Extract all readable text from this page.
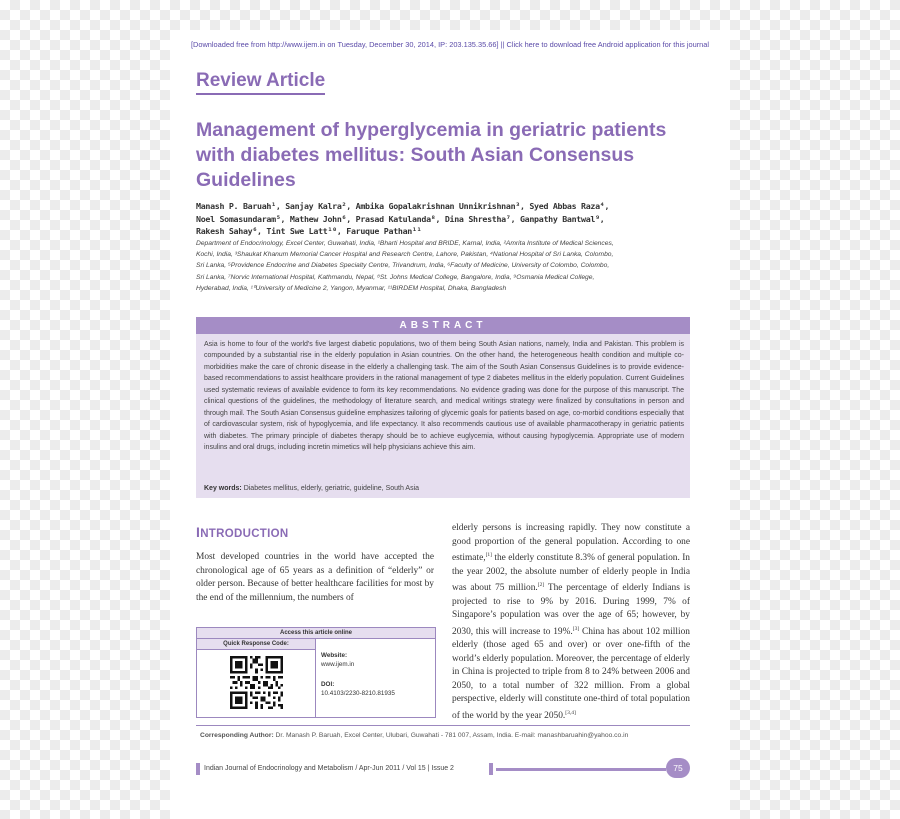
[Downloaded free from http://www.ijem.in on Tuesday, December 30, 2014, IP: 203.135.35.66] || Click here to download free Android application for this journal
Review Article
Management of hyperglycemia in geriatric patients with diabetes mellitus: South Asian Consensus Guidelines
Manash P. Baruah¹, Sanjay Kalra², Ambika Gopalakrishnan Unnikrishnan³, Syed Abbas Raza⁴,
Noel Somasundaram⁵, Mathew John⁶, Prasad Katulanda⁸, Dina Shrestha⁷, Ganpathy Bantwal⁹,
Rakesh Sahay⁶, Tint Swe Latt¹⁰, Faruque Pathan¹¹
Department of Endocrinology, Excel Center, Guwahati, India, ¹Bharti Hospital and BRIDE, Karnal, India, ²Amrita Institute of Medical Sciences,
Kochi, India, ³Shaukat Khanum Memorial Cancer Hospital and Research Centre, Lahore, Pakistan, ⁴National Hospital of Sri Lanka, Colombo,
Sri Lanka, ⁵Providence Endocrine and Diabetes Specialty Centre, Trivandrum, India, ⁶Faculty of Medicine, University of Colombo, Colombo,
Sri Lanka, ⁷Norvic International Hospital, Kathmandu, Nepal, ⁸St. Johns Medical College, Bangalore, India, ⁹Osmania Medical College,
Hyderabad, India, ¹⁰University of Medicine 2, Yangon, Myanmar, ¹¹BIRDEM Hospital, Dhaka, Bangladesh
ABSTRACT
Asia is home to four of the world's five largest diabetic populations, two of them being South Asian nations, namely, India and Pakistan. This problem is compounded by a substantial rise in the elderly population in Asian countries. On the other hand, the heterogeneous health condition and multiple co-morbidities make the care of chronic disease in the elderly a challenging task. The aim of the South Asian Consensus Guidelines is to provide evidence-based recommendations to assist healthcare providers in the rational management of type 2 diabetes mellitus in the elderly population. Current Guidelines used systematic reviews of available evidence to form its key recommendations. No evidence grading was done for the purpose of this manuscript. The clinical questions of the guidelines, the methodology of literature search, and medical writings strategy were finalized by consultations in person and through mail. The South Asian Consensus guideline emphasizes tailoring of glycemic goals for patients based on age, co-morbid conditions especially that of cardiovascular system, risk of hypoglycemia, and life expectancy. It also recommends cautious use of available pharmacotherapy in geriatric patients with diabetes. The primary principle of diabetes therapy should be to achieve euglycemia, without causing hypoglycemia. Appropriate use of modern insulins and oral drugs, including incretin mimetics will help physicians achieve this aim.
Key words: Diabetes mellitus, elderly, geriatric, guideline, South Asia
INTRODUCTION
Most developed countries in the world have accepted the chronological age of 65 years as a definition of “elderly” or older person. Because of better healthcare facilities for most by the end of the millennium, the numbers of
elderly persons is increasing rapidly. They now constitute a good proportion of the general population. According to one estimate,[1] the elderly constitute 8.3% of general population. In the year 2002, the absolute number of elderly people in India was about 75 million.[2] The percentage of elderly Indians is projected to rise to 9% by 2016. During 1999, 7% of Singapore’s population was over the age of 65; however, by 2030, this will increase to 19%.[3] China has about 102 million elderly (those aged 65 and over) or over one-fifth of the world’s elderly population. Moreover, the percentage of elderly in China is projected to triple from 8 to 24% between 2006 and 2050, to a total number of 322 million. From a global perspective, elderly will constitute one-third of total population of the world by the year 2050.[3,4]
Access this article online
Quick Response Code:
Website:
www.ijem.in
DOI:
10.4103/2230-8210.81935
Corresponding Author: Dr. Manash P. Baruah, Excel Center, Ulubari, Guwahati - 781 007, Assam, India. E-mail: manashbaruahin@yahoo.co.in
Indian Journal of Endocrinology and Metabolism / Apr-Jun 2011 / Vol 15 | Issue 2	75
